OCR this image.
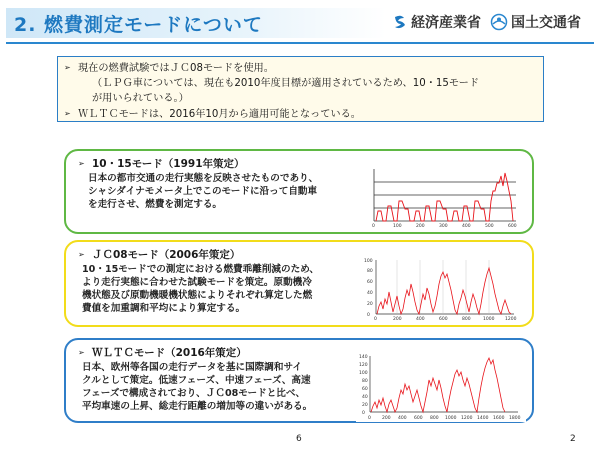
2. 燃費測定モードについて	経済産業省 国土交通省
➢ 現在の燃費試験ではＪＣ08モードを使用。
（ＬＰＧ車については、現在も2010年度目標が適用されているため、10・15モード
が用いられている。）
➢ ＷＬＴＣモードは、2016年10月から適用可能となっている。
➢ 10・15モード（1991年策定）
日本の都市交通の走行実態を反映させたものであり、
シャシダイナモメータ上でこのモードに沿って自動車
を走行させ、燃費を測定する。
0	100	200	300	400	500	600
➢ ＪＣ08モード（2006年策定）
10・15モードでの測定における燃費乖離削減のため、
より走行実態に合わせた試験モードを策定。原動機冷
機状態及び原動機暖機状態によりそれぞれ算定した燃
費値を加重調和平均により算定する。
0
20
40
60
80
100
0	200	400	600	800	1000 1200
➢ ＷＬＴＣモード（2016年策定）
日本、欧州等各国の走行データを基に国際調和サイ
クルとして策定。低速フェーズ、中速フェーズ、高速
フェーズで構成されており、ＪＣ08モードと比べ、
平均車速の上昇、総走行距離の増加等の違いがある。
0
20
40
60
80
100
120
140
0 200 400 600 800 1000 1200 1400 1600 1800
6	2
